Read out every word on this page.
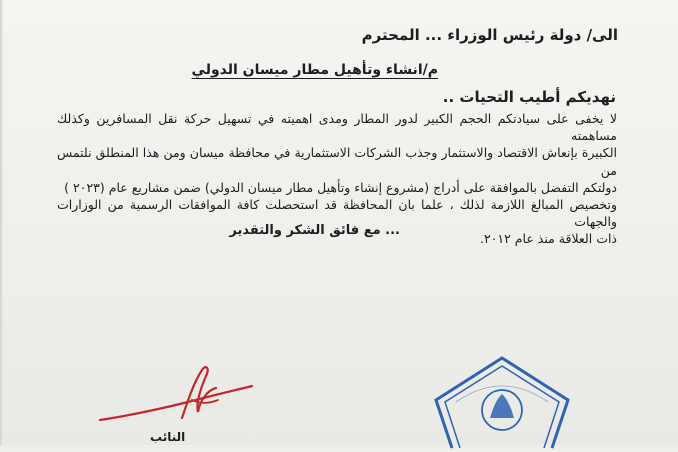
الى/ دولة رئيس الوزراء ... المحترم
م/انشاء وتأهيل مطار ميسان الدولي
نهديكم أطيب التحيات ..

لا يخفى على سيادتكم الحجم الكبير لدور المطار ومدى اهميته في تسهيل حركة نقل المسافرين وكذلك مساهمته

الكبيرة بإنعاش الاقتصاد والاستثمار وجذب الشركات الاستثمارية في محافظة ميسان ومن هذا المنطلق نلتمس من

دولتكم التفضل بالموافقة على أدراج (مشروع إنشاء وتأهيل مطار ميسان الدولي) ضمن مشاريع عام (٢٠٢٣ )

وتخصيص المبالغ اللازمة لذلك ، علما بان المحافظة قد استحصلت كافة الموافقات الرسمية من الوزارات والجهات

ذات العلاقة منذ عام ٢٠١٢.

... مع فائق الشكر والتقدير
النائب
